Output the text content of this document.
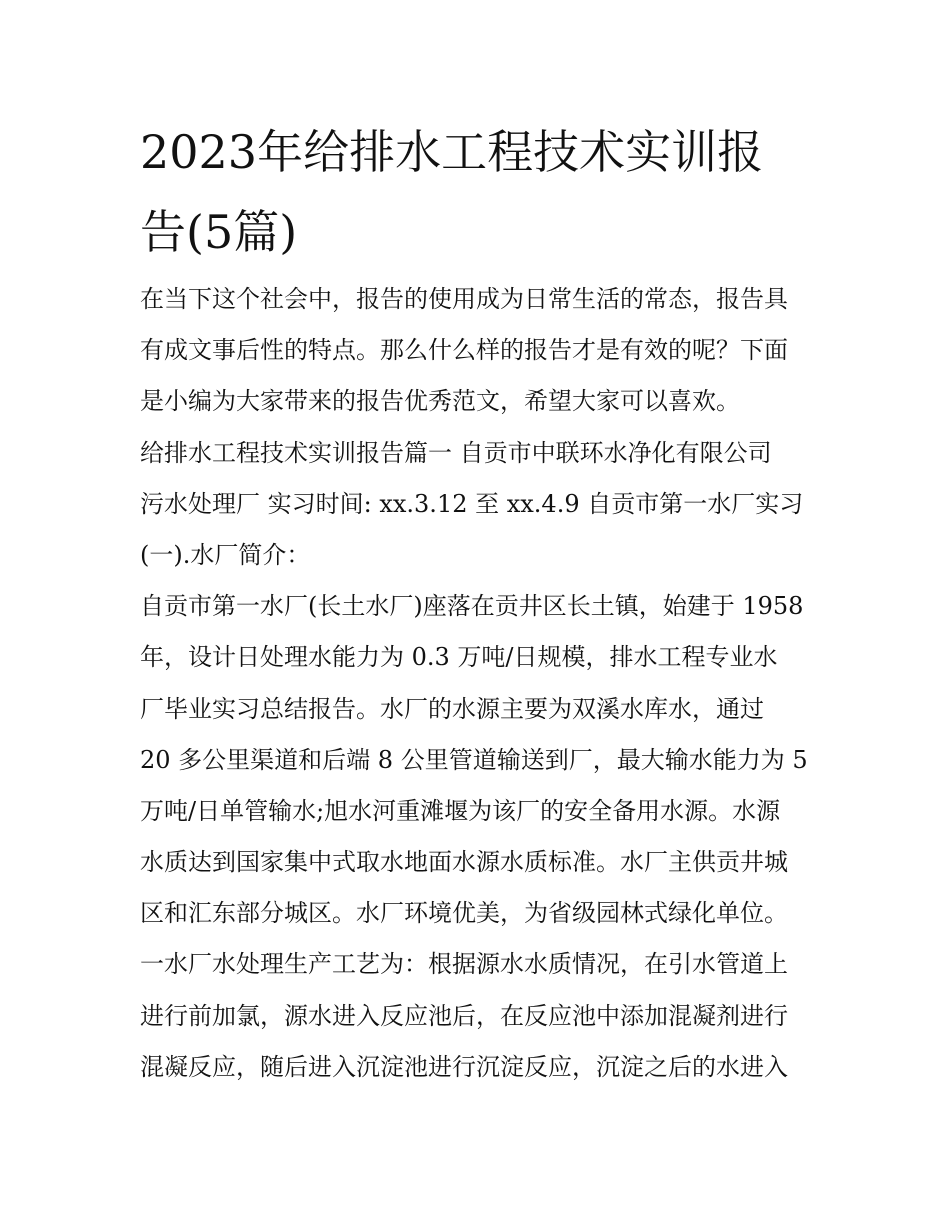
2023年给排水工程技术实训报
告(5篇)
在当下这个社会中，报告的使用成为日常生活的常态，报告具
有成文事后性的特点。那么什么样的报告才是有效的呢？下面
是小编为大家带来的报告优秀范文，希望大家可以喜欢。
给排水工程技术实训报告篇一 自贡市中联环水净化有限公司
污水处理厂 实习时间: xx.3.12 至 xx.4.9 自贡市第一水厂实习
(一).水厂简介：
自贡市第一水厂(长土水厂)座落在贡井区长土镇，始建于 1958
年，设计日处理水能力为 0.3 万吨/日规模，排水工程专业水
厂毕业实习总结报告。水厂的水源主要为双溪水库水，通过
20 多公里渠道和后端 8 公里管道输送到厂，最大输水能力为 5
万吨/日单管输水;旭水河重滩堰为该厂的安全备用水源。水源
水质达到国家集中式取水地面水源水质标准。水厂主供贡井城
区和汇东部分城区。水厂环境优美，为省级园林式绿化单位。
一水厂水处理生产工艺为：根据源水水质情况，在引水管道上
进行前加氯，源水进入反应池后，在反应池中添加混凝剂进行
混凝反应，随后进入沉淀池进行沉淀反应，沉淀之后的水进入
